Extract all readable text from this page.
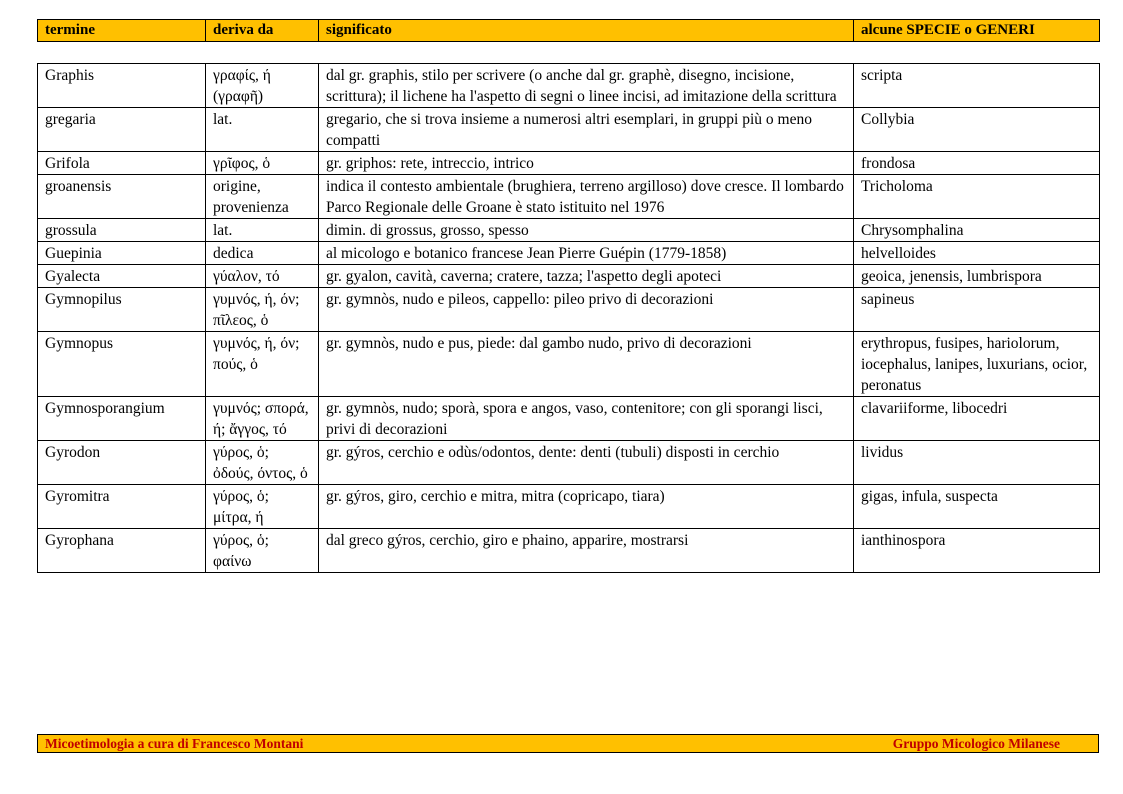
termine	deriva da	significato	alcune SPECIE o GENERI
Graphis	γραφίς, ή (γραφῆ)	dal gr. graphis, stilo per scrivere (o anche dal gr. graphè, disegno, incisione, scrittura); il lichene ha l'aspetto di segni o linee incisi, ad imitazione della scrittura	scripta
gregaria	lat.	gregario, che si trova insieme a numerosi altri esemplari, in gruppi più o meno compatti	Collybia
Grifola	γρῖφος, ὁ	gr. griphos: rete, intreccio, intrico	frondosa
groanensis	origine, provenienza	indica il contesto ambientale (brughiera, terreno argilloso) dove cresce. Il lombardo Parco Regionale delle Groane è stato istituito nel 1976	Tricholoma
grossula	lat.	dimin. di grossus, grosso, spesso	Chrysomphalina
Guepinia	dedica	al micologo e botanico francese Jean Pierre Guépin (1779-1858)	helvelloides
Gyalecta	γύαλον, τό	gr. gyalon, cavità, caverna; cratere, tazza; l'aspetto degli apoteci	geoica, jenensis, lumbrispora
Gymnopilus	γυμνός, ή, όν; πῖλεος, ὁ	gr. gymnòs, nudo e pileos, cappello: pileo privo di decorazioni	sapineus
Gymnopus	γυμνός, ή, όν; πούς, ὁ	gr. gymnòs, nudo e pus, piede: dal gambo nudo, privo di decorazioni	erythropus, fusipes, hariolorum, iocephalus, lanipes, luxurians, ocior, peronatus
Gymnosporangium	γυμνός; σπορά, ή; ἄγγος, τό	gr. gymnòs, nudo; sporà, spora e angos, vaso, contenitore; con gli sporangi lisci, privi di decorazioni	clavariiforme, libocedri
Gyrodon	γύρος, ὁ; ὀδούς, όντος, ὁ	gr. gýros, cerchio e odùs/odontos, dente: denti (tubuli) disposti in cerchio	lividus
Gyromitra	γύρος, ὁ; μίτρα, ή	gr. gýros, giro, cerchio e mitra, mitra (copricapo, tiara)	gigas, infula, suspecta
Gyrophana	γύρος, ὁ; φαίνω	dal greco gýros, cerchio, giro e phaino, apparire, mostrarsi	ianthinospora
Micoetimologia a cura di Francesco Montani	Gruppo Micologico Milanese
